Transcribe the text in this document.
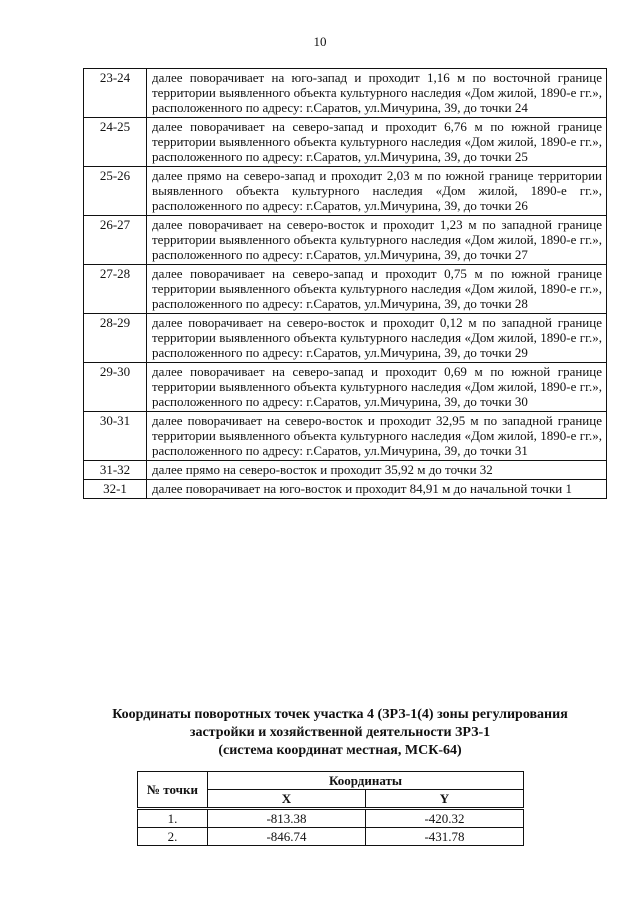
10
23-24	далее поворачивает на юго-запад и проходит 1,16 м по восточной границе территории выявленного объекта культурного наследия «Дом жилой, 1890-е гг.», расположенного по адресу: г.Саратов, ул.Мичурина, 39, до точки 24
24-25	далее поворачивает на северо-запад и проходит 6,76 м по южной границе территории выявленного объекта культурного наследия «Дом жилой, 1890-е гг.», расположенного по адресу: г.Саратов, ул.Мичурина, 39, до точки 25
25-26	далее прямо на северо-запад и проходит 2,03 м по южной границе территории выявленного объекта культурного наследия «Дом жилой, 1890-е гг.», расположенного по адресу: г.Саратов, ул.Мичурина, 39, до точки 26
26-27	далее поворачивает на северо-восток и проходит 1,23 м по западной границе территории выявленного объекта культурного наследия «Дом жилой, 1890-е гг.», расположенного по адресу: г.Саратов, ул.Мичурина, 39, до точки 27
27-28	далее поворачивает на северо-запад и проходит 0,75 м по южной границе территории выявленного объекта культурного наследия «Дом жилой, 1890-е гг.», расположенного по адресу: г.Саратов, ул.Мичурина, 39, до точки 28
28-29	далее поворачивает на северо-восток и проходит 0,12 м по западной границе территории выявленного объекта культурного наследия «Дом жилой, 1890-е гг.», расположенного по адресу: г.Саратов, ул.Мичурина, 39, до точки 29
29-30	далее поворачивает на северо-запад и проходит 0,69 м по южной границе территории выявленного объекта культурного наследия «Дом жилой, 1890-е гг.», расположенного по адресу: г.Саратов, ул.Мичурина, 39, до точки 30
30-31	далее поворачивает на северо-восток и проходит 32,95 м по западной границе территории выявленного объекта культурного наследия «Дом жилой, 1890-е гг.», расположенного по адресу: г.Саратов, ул.Мичурина, 39, до точки 31
31-32	далее прямо на северо-восток и проходит 35,92 м до точки 32
32-1	далее поворачивает на юго-восток и проходит 84,91 м до начальной точки 1
Координаты поворотных точек участка 4 (ЗРЗ-1(4) зоны регулирования
застройки и хозяйственной деятельности ЗРЗ-1
(система координат местная, МСК-64)
№ точки	Координаты	
	X	Y
1.	-813.38	-420.32
2.	-846.74	-431.78
